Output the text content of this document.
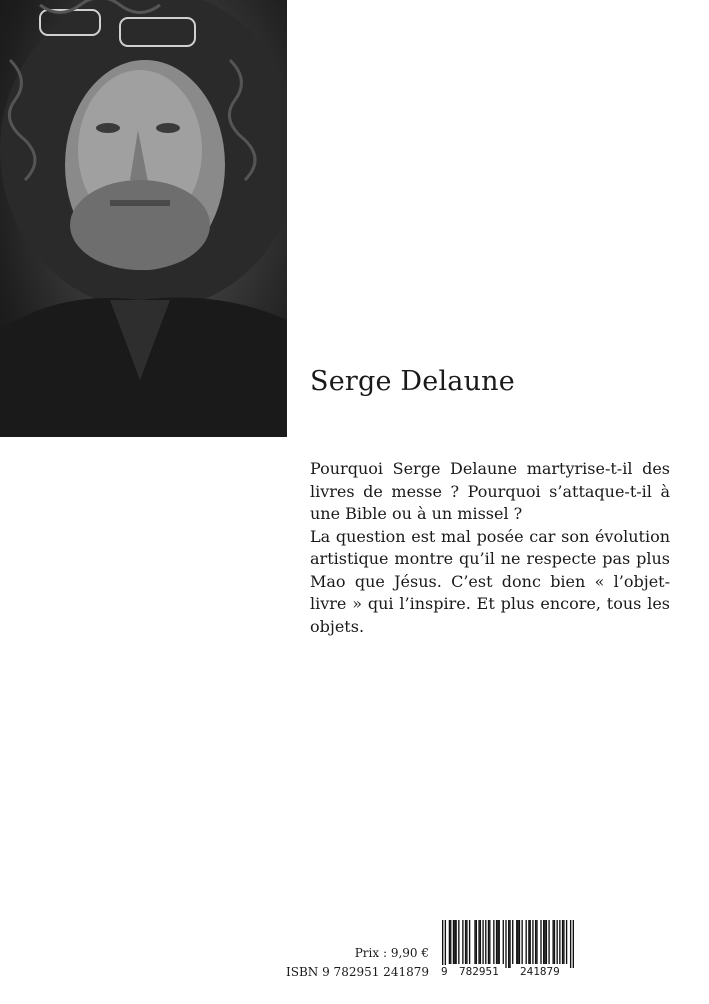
Serge Delaune

Pourquoi Serge Delaune martyrise-t-il des livres de messe ? Pourquoi s’attaque-t-il à une Bible ou à un missel ?

La question est mal posée car son évolution artistique montre qu’il ne respecte pas plus Mao que Jésus. C’est donc bien « l’objet-livre » qui l’inspire. Et plus encore, tous les objets.

Prix : 9,90 €
ISBN 9 782951 241879 9 782951 241879
